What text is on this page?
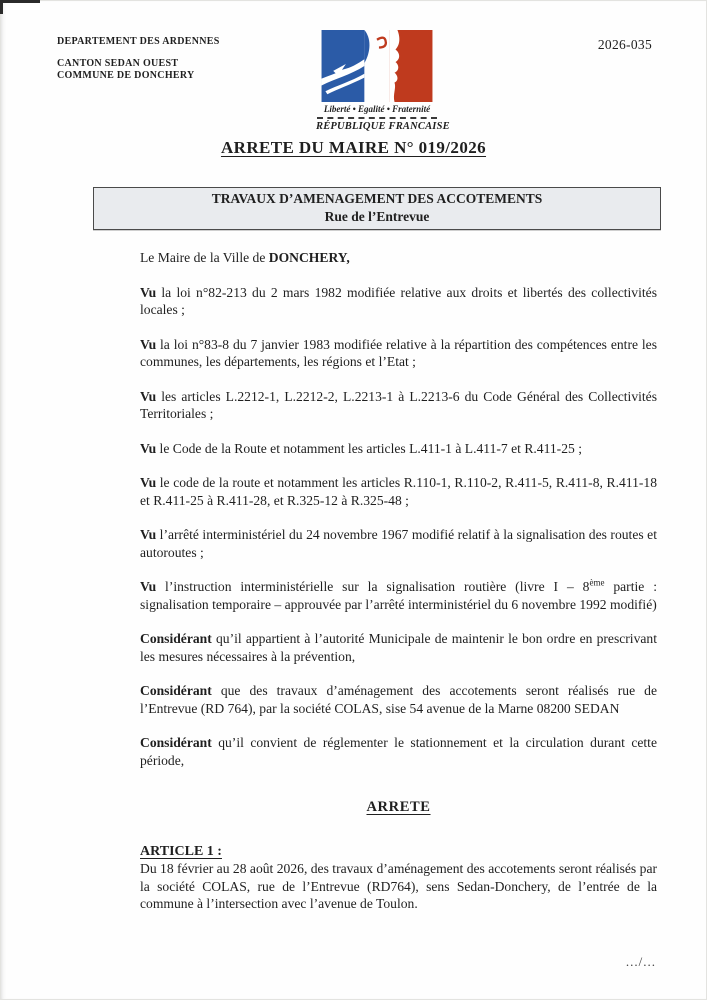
DEPARTEMENT DES ARDENNES
CANTON SEDAN OUEST
COMMUNE DE DONCHERY
2026-035
Liberté • Egalité • Fraternité
RÉPUBLIQUE FRANCAISE
ARRETE DU MAIRE N° 019/2026
TRAVAUX D’AMENAGEMENT DES ACCOTEMENTS
Rue de l’Entrevue

Le Maire de la Ville de DONCHERY,

Vu la loi n°82-213 du 2 mars 1982 modifiée relative aux droits et libertés des collectivités locales ;

Vu la loi n°83-8 du 7 janvier 1983 modifiée relative à la répartition des compétences entre les communes, les départements, les régions et l’Etat ;

Vu les articles L.2212-1, L.2212-2, L.2213-1 à L.2213-6 du Code Général des Collectivités Territoriales ;

Vu le Code de la Route et notamment les articles L.411-1 à L.411-7 et R.411-25 ;

Vu le code de la route et notamment les articles R.110-1, R.110-2, R.411-5, R.411-8, R.411-18 et R.411-25 à R.411-28, et R.325-12 à R.325-48 ;

Vu l’arrêté interministériel du 24 novembre 1967 modifié relatif à la signalisation des routes et autoroutes ;

Vu l’instruction interministérielle sur la signalisation routière (livre I – 8ème partie : signalisation temporaire – approuvée par l’arrêté interministériel du 6 novembre 1992 modifié)

Considérant qu’il appartient à l’autorité Municipale de maintenir le bon ordre en prescrivant les mesures nécessaires à la prévention,

Considérant que des travaux d’aménagement des accotements seront réalisés rue de l’Entrevue (RD 764), par la société COLAS, sise 54 avenue de la Marne 08200 SEDAN

Considérant qu’il convient de réglementer le stationnement et la circulation durant cette période,

ARRETE

ARTICLE 1 :

Du 18 février au 28 août 2026, des travaux d’aménagement des accotements seront réalisés par la société COLAS, rue de l’Entrevue (RD764), sens Sedan-Donchery, de l’entrée de la commune à l’intersection avec l’avenue de Toulon.

.../...
